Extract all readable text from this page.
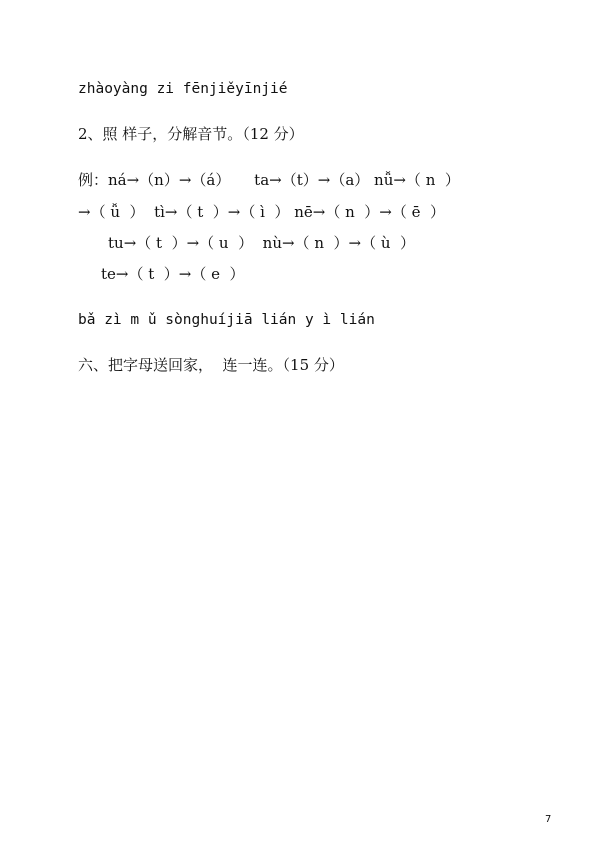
zhàoyàng zi fēnjiěyīnjié
2、照 样子，分解音节。（12 分）
例：ná→（n）→（á）     ta→（t）→（a） nǚ→（ n  ）
→（ ǚ  ）  tì→（ t  ）→（ ì  ） nē→（ n  ）→（ ē  ）
tu→（ t  ）→（ u  ）  nù→（ n  ）→（ ù  ）
te→（ t  ）→（ e  ）
bǎ zì m ǔ sònghuíjiā lián y ì lián
六、把字母送回家，  连一连。（15 分）
7
